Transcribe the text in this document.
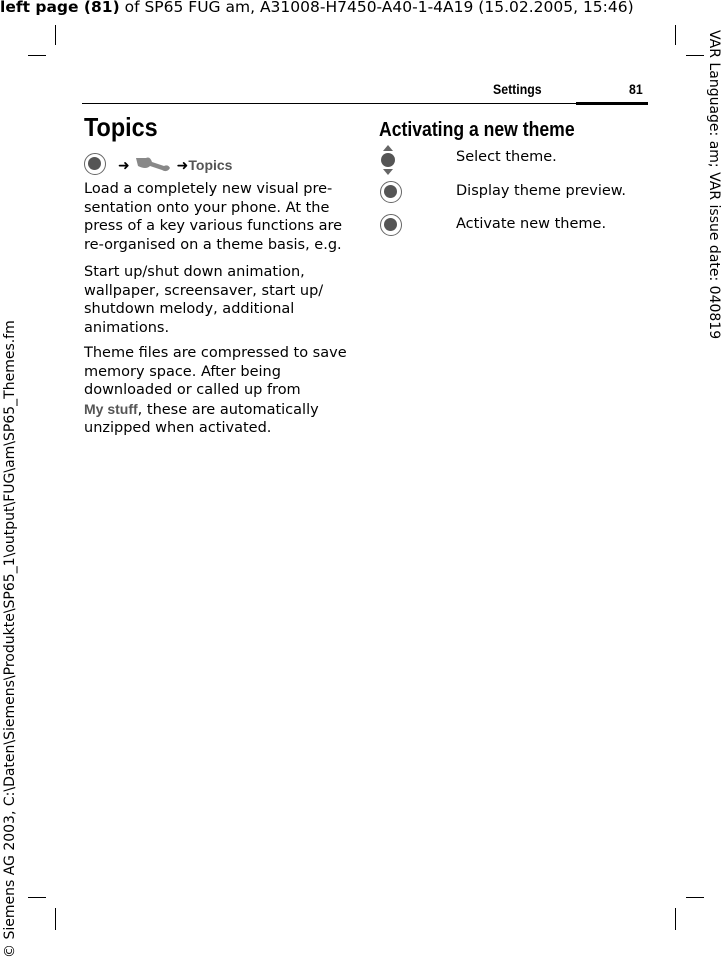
left page (81) of SP65 FUG am, A31008-H7450-A40-1-4A19 (15.02.2005, 15:46)
VAR Language: am; VAR issue date: 040819
© Siemens AG 2003, C:\Daten\Siemens\Produkte\SP65_1\output\FUG\am\SP65_Themes.fm
Settings	81
Topics
➜	➜Topics
Load a completely new visual pre-
sentation onto your phone. At the
press of a key various functions are
re-organised on a theme basis, e.g.
Start up/shut down animation,
wallpaper, screensaver, start up/
shutdown melody, additional
animations.
Theme files are compressed to save
memory space. After being
downloaded or called up from
My stuff, these are automatically
unzipped when activated.
Activating a new theme
Select theme.
Display theme preview.
Activate new theme.
